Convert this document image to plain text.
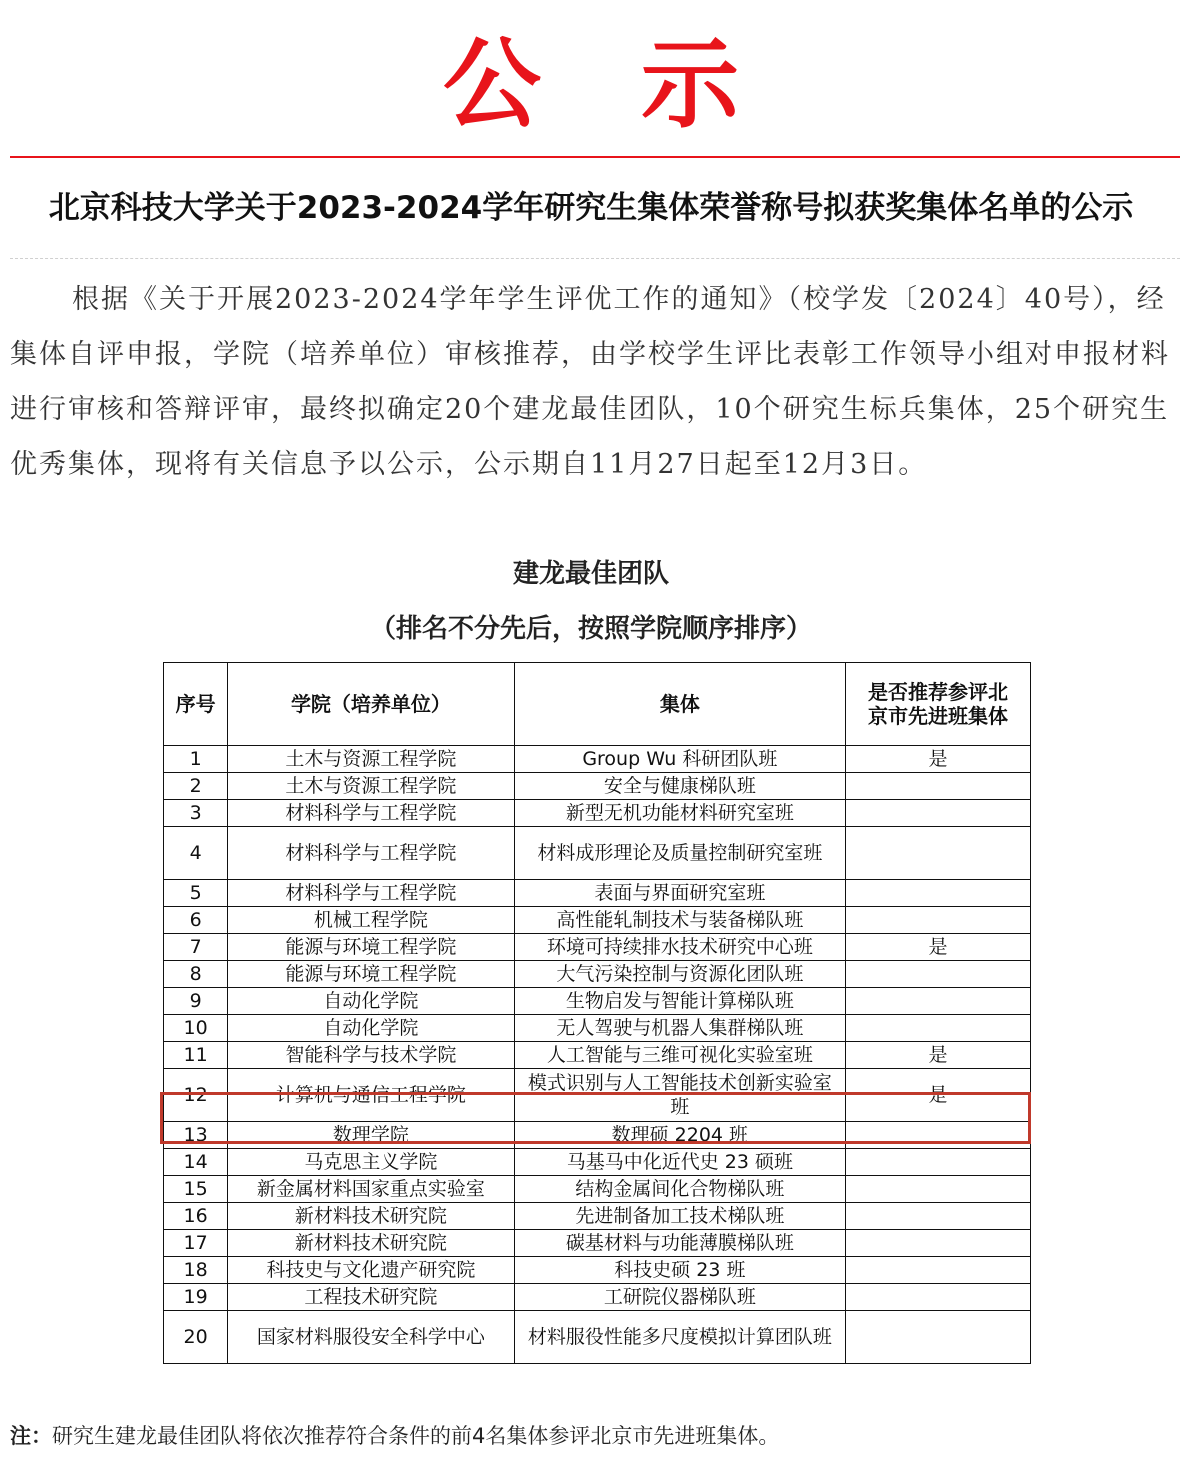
公示
北京科技大学关于2023-2024学年研究生集体荣誉称号拟获奖集体名单的公示

根据《关于开展2023-2024学年学生评优工作的通知》（校学发〔2024〕40号），经集体自评申报，学院（培养单位）审核推荐，由学校学生评比表彰工作领导小组对申报材料进行审核和答辩评审，最终拟确定20个建龙最佳团队，10个研究生标兵集体，25个研究生优秀集体，现将有关信息予以公示，公示期自11月27日起至12月3日。

建龙最佳团队
（排名不分先后，按照学院顺序排序）
序号	学院（培养单位）	集体	是否推荐参评北京市先进班集体
1	土木与资源工程学院	Group Wu 科研团队班	是
2	土木与资源工程学院	安全与健康梯队班	
3	材料科学与工程学院	新型无机功能材料研究室班	
4	材料科学与工程学院	材料成形理论及质量控制研究室班	
5	材料科学与工程学院	表面与界面研究室班	
6	机械工程学院	高性能轧制技术与装备梯队班	
7	能源与环境工程学院	环境可持续排水技术研究中心班	是
8	能源与环境工程学院	大气污染控制与资源化团队班	
9	自动化学院	生物启发与智能计算梯队班	
10	自动化学院	无人驾驶与机器人集群梯队班	
11	智能科学与技术学院	人工智能与三维可视化实验室班	是
12	计算机与通信工程学院	模式识别与人工智能技术创新实验室班	是
13	数理学院	数理硕 2204 班	
14	马克思主义学院	马基马中化近代史 23 硕班	
15	新金属材料国家重点实验室	结构金属间化合物梯队班	
16	新材料技术研究院	先进制备加工技术梯队班	
17	新材料技术研究院	碳基材料与功能薄膜梯队班	
18	科技史与文化遗产研究院	科技史硕 23 班	
19	工程技术研究院	工研院仪器梯队班	
20	国家材料服役安全科学中心	材料服役性能多尺度模拟计算团队班	
注：研究生建龙最佳团队将依次推荐符合条件的前4名集体参评北京市先进班集体。
